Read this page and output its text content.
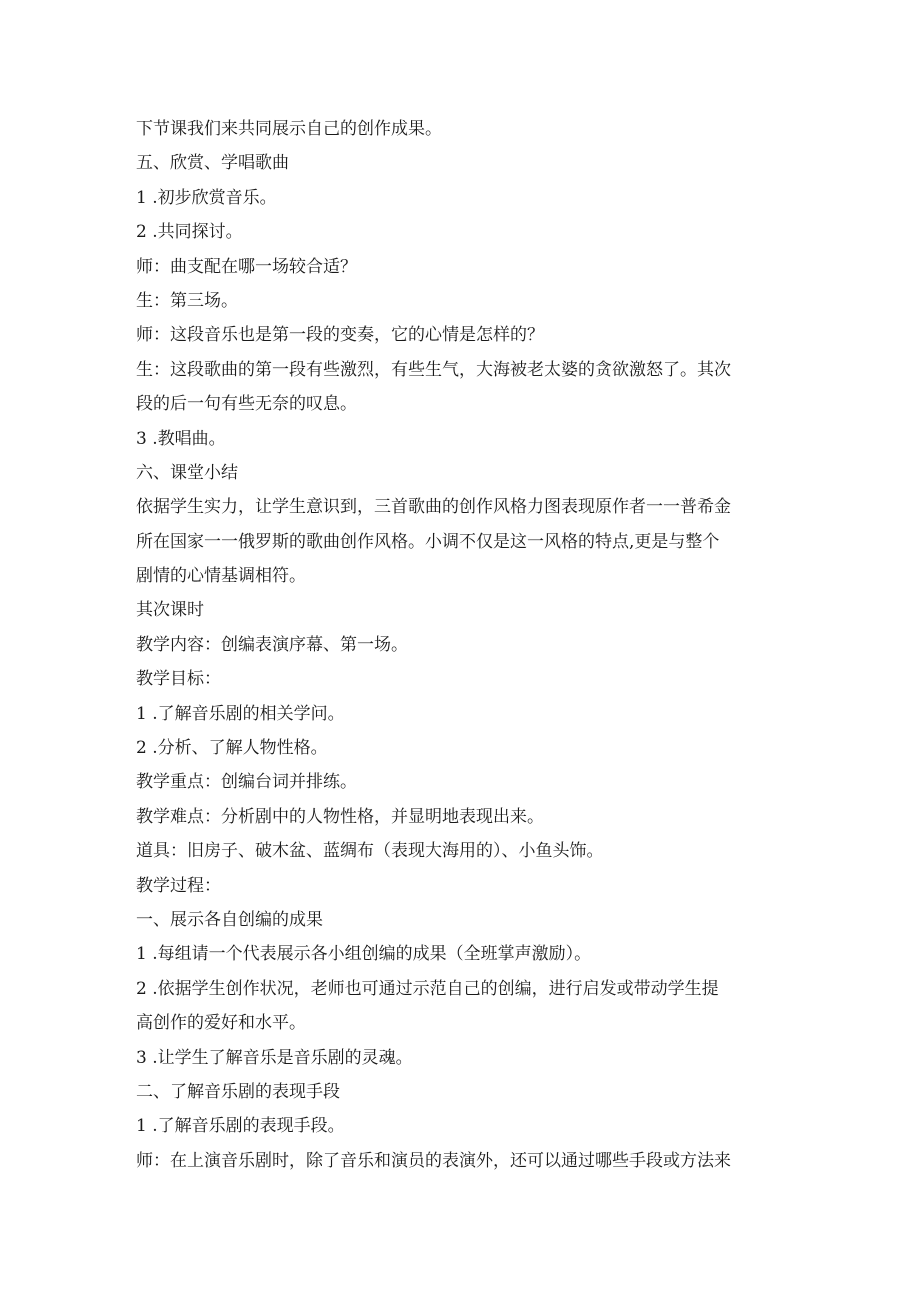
下节课我们来共同展示自己的创作成果。
五、欣赏、学唱歌曲
1 .初步欣赏音乐。
2 .共同探讨。
师：曲支配在哪一场较合适？
生：第三场。
师：这段音乐也是第一段的变奏，它的心情是怎样的？
生：这段歌曲的第一段有些激烈，有些生气，大海被老太婆的贪欲激怒了。其次
段的后一句有些无奈的叹息。
3 .教唱曲。
六、课堂小结
依据学生实力，让学生意识到，三首歌曲的创作风格力图表现原作者一一普希金
所在国家一一俄罗斯的歌曲创作风格。小调不仅是这一风格的特点,更是与整个
剧情的心情基调相符。
其次课时
教学内容：创编表演序幕、第一场。
教学目标：
1 .了解音乐剧的相关学问。
2 .分析、了解人物性格。
教学重点：创编台词并排练。
教学难点：分析剧中的人物性格，并显明地表现出来。
道具：旧房子、破木盆、蓝绸布（表现大海用的）、小鱼头饰。
教学过程：
一、展示各自创编的成果
1 .每组请一个代表展示各小组创编的成果（全班掌声激励）。
2 .依据学生创作状况，老师也可通过示范自己的创编，进行启发或带动学生提
高创作的爱好和水平。
3 .让学生了解音乐是音乐剧的灵魂。
二、了解音乐剧的表现手段
1 .了解音乐剧的表现手段。
师：在上演音乐剧时，除了音乐和演员的表演外，还可以通过哪些手段或方法来
